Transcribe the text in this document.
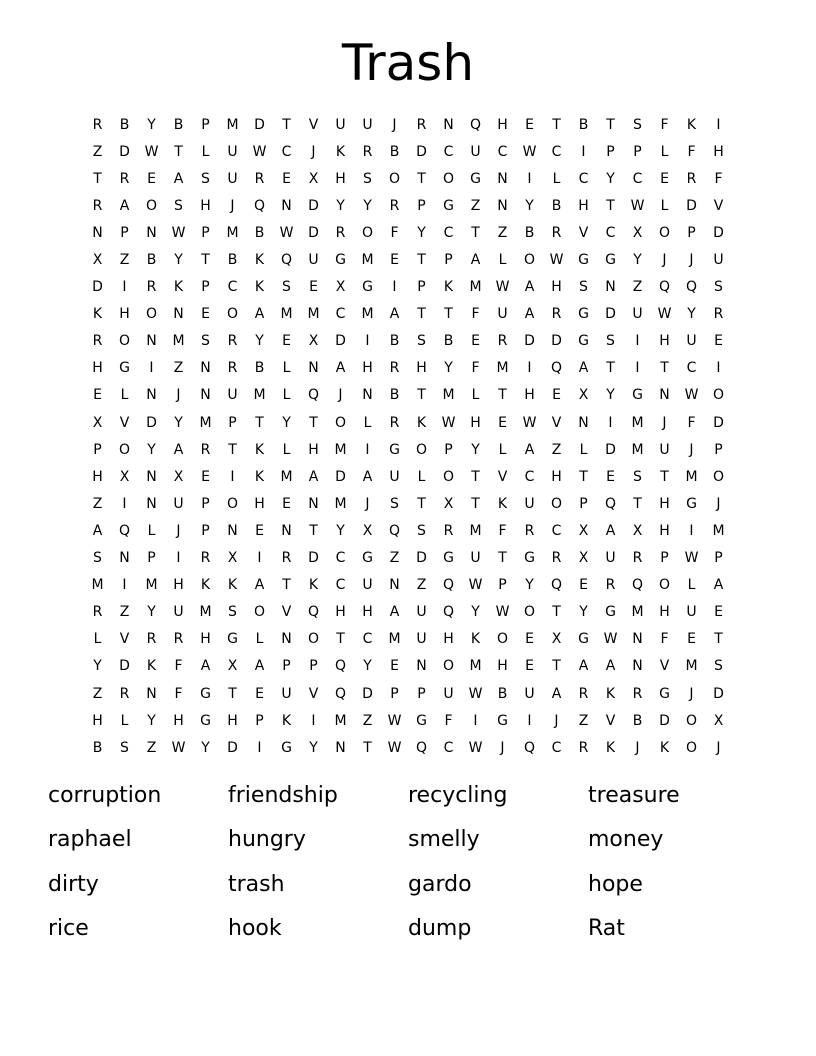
Trash
R	B	Y	B	P	M	D	T	V	U	U	J	R	N	Q	H	E	T	B	T	S	F	K	I
Z	D	W	T	L	U	W	C	J	K	R	B	D	C	U	C	W	C	I	P	P	L	F	H
T	R	E	A	S	U	R	E	X	H	S	O	T	O	G	N	I	L	C	Y	C	E	R	F
R	A	O	S	H	J	Q	N	D	Y	Y	R	P	G	Z	N	Y	B	H	T	W	L	D	V
N	P	N	W	P	M	B	W	D	R	O	F	Y	C	T	Z	B	R	V	C	X	O	P	D
X	Z	B	Y	T	B	K	Q	U	G	M	E	T	P	A	L	O	W	G	G	Y	J	J	U
D	I	R	K	P	C	K	S	E	X	G	I	P	K	M	W	A	H	S	N	Z	Q	Q	S
K	H	O	N	E	O	A	M	M	C	M	A	T	T	F	U	A	R	G	D	U	W	Y	R
R	O	N	M	S	R	Y	E	X	D	I	B	S	B	E	R	D	D	G	S	I	H	U	E
H	G	I	Z	N	R	B	L	N	A	H	R	H	Y	F	M	I	Q	A	T	I	T	C	I
E	L	N	J	N	U	M	L	Q	J	N	B	T	M	L	T	H	E	X	Y	G	N	W	O
X	V	D	Y	M	P	T	Y	T	O	L	R	K	W	H	E	W	V	N	I	M	J	F	D
P	O	Y	A	R	T	K	L	H	M	I	G	O	P	Y	L	A	Z	L	D	M	U	J	P
H	X	N	X	E	I	K	M	A	D	A	U	L	O	T	V	C	H	T	E	S	T	M	O
Z	I	N	U	P	O	H	E	N	M	J	S	T	X	T	K	U	O	P	Q	T	H	G	J
A	Q	L	J	P	N	E	N	T	Y	X	Q	S	R	M	F	R	C	X	A	X	H	I	M
S	N	P	I	R	X	I	R	D	C	G	Z	D	G	U	T	G	R	X	U	R	P	W	P
M	I	M	H	K	K	A	T	K	C	U	N	Z	Q	W	P	Y	Q	E	R	Q	O	L	A
R	Z	Y	U	M	S	O	V	Q	H	H	A	U	Q	Y	W	O	T	Y	G	M	H	U	E
L	V	R	R	H	G	L	N	O	T	C	M	U	H	K	O	E	X	G	W	N	F	E	T
Y	D	K	F	A	X	A	P	P	Q	Y	E	N	O	M	H	E	T	A	A	N	V	M	S
Z	R	N	F	G	T	E	U	V	Q	D	P	P	U	W	B	U	A	R	K	R	G	J	D
H	L	Y	H	G	H	P	K	I	M	Z	W	G	F	I	G	I	J	Z	V	B	D	O	X
B	S	Z	W	Y	D	I	G	Y	N	T	W	Q	C	W	J	Q	C	R	K	J	K	O	J
corruption	friendship	recycling	treasure
raphael	hungry	smelly	money
dirty	trash	gardo	hope
rice	hook	dump	Rat
